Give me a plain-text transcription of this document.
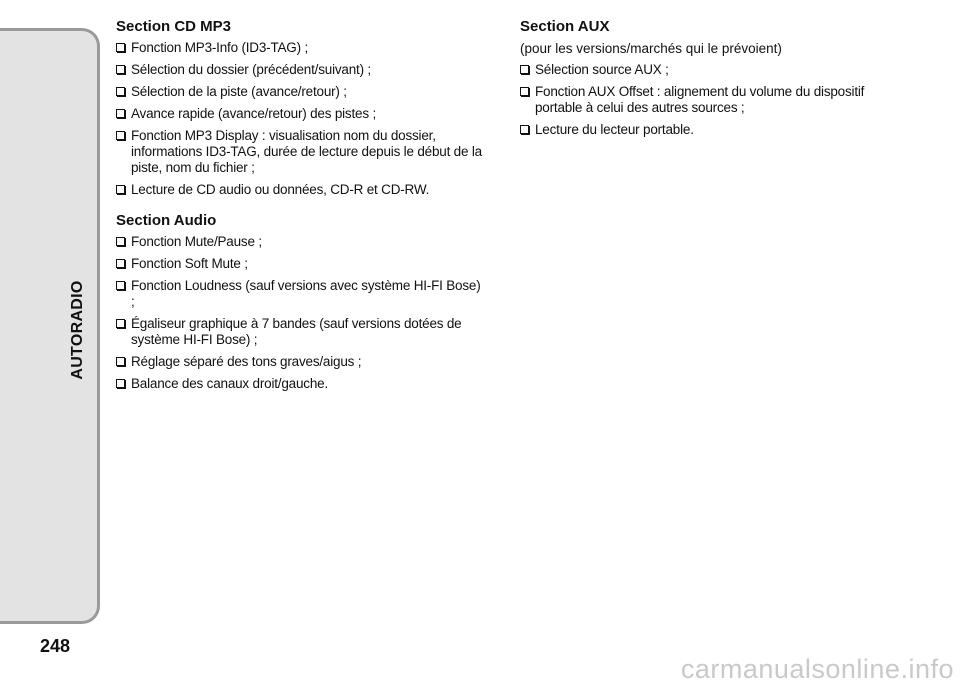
AUTORADIO
248
Section CD MP3
Fonction MP3-Info (ID3-TAG) ;
Sélection du dossier (précédent/suivant) ;
Sélection de la piste (avance/retour) ;
Avance rapide (avance/retour) des pistes ;
Fonction MP3 Display : visualisation nom du dossier, informations ID3-TAG, durée de lecture depuis le début de la piste, nom du fichier ;
Lecture de CD audio ou données, CD-R et CD-RW.
Section Audio
Fonction Mute/Pause ;
Fonction Soft Mute ;
Fonction Loudness (sauf versions avec système HI-FI Bose) ;
Égaliseur graphique à 7 bandes (sauf versions dotées de système HI-FI Bose) ;
Réglage séparé des tons graves/aigus ;
Balance des canaux droit/gauche.
Section AUX
(pour les versions/marchés qui le prévoient)
Sélection source AUX ;
Fonction AUX Offset : alignement du volume du dispositif portable à celui des autres sources ;
Lecture du lecteur portable.
carmanualsonline.info
